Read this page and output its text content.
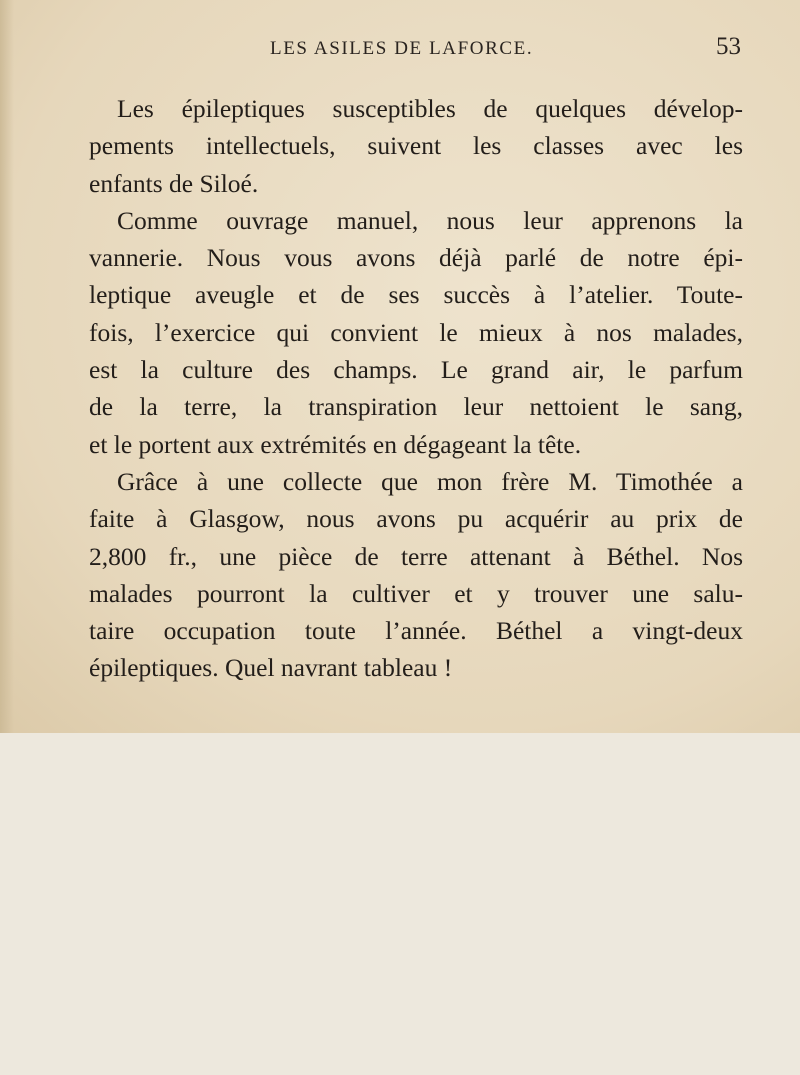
LES ASILES DE LAFORCE.	53
Les épileptiques susceptibles de quelques dévelop-
pements intellectuels, suivent les classes avec les
enfants de Siloé.
Comme ouvrage manuel, nous leur apprenons la
vannerie. Nous vous avons déjà parlé de notre épi-
leptique aveugle et de ses succès à l’atelier. Toute-
fois, l’exercice qui convient le mieux à nos malades,
est la culture des champs. Le grand air, le parfum
de la terre, la transpiration leur nettoient le sang,
et le portent aux extrémités en dégageant la tête.
Grâce à une collecte que mon frère M. Timothée a
faite à Glasgow, nous avons pu acquérir au prix de
2,800 fr., une pièce de terre attenant à Béthel. Nos
malades pourront la cultiver et y trouver une salu-
taire occupation toute l’année. Béthel a vingt-deux
épileptiques. Quel navrant tableau !
